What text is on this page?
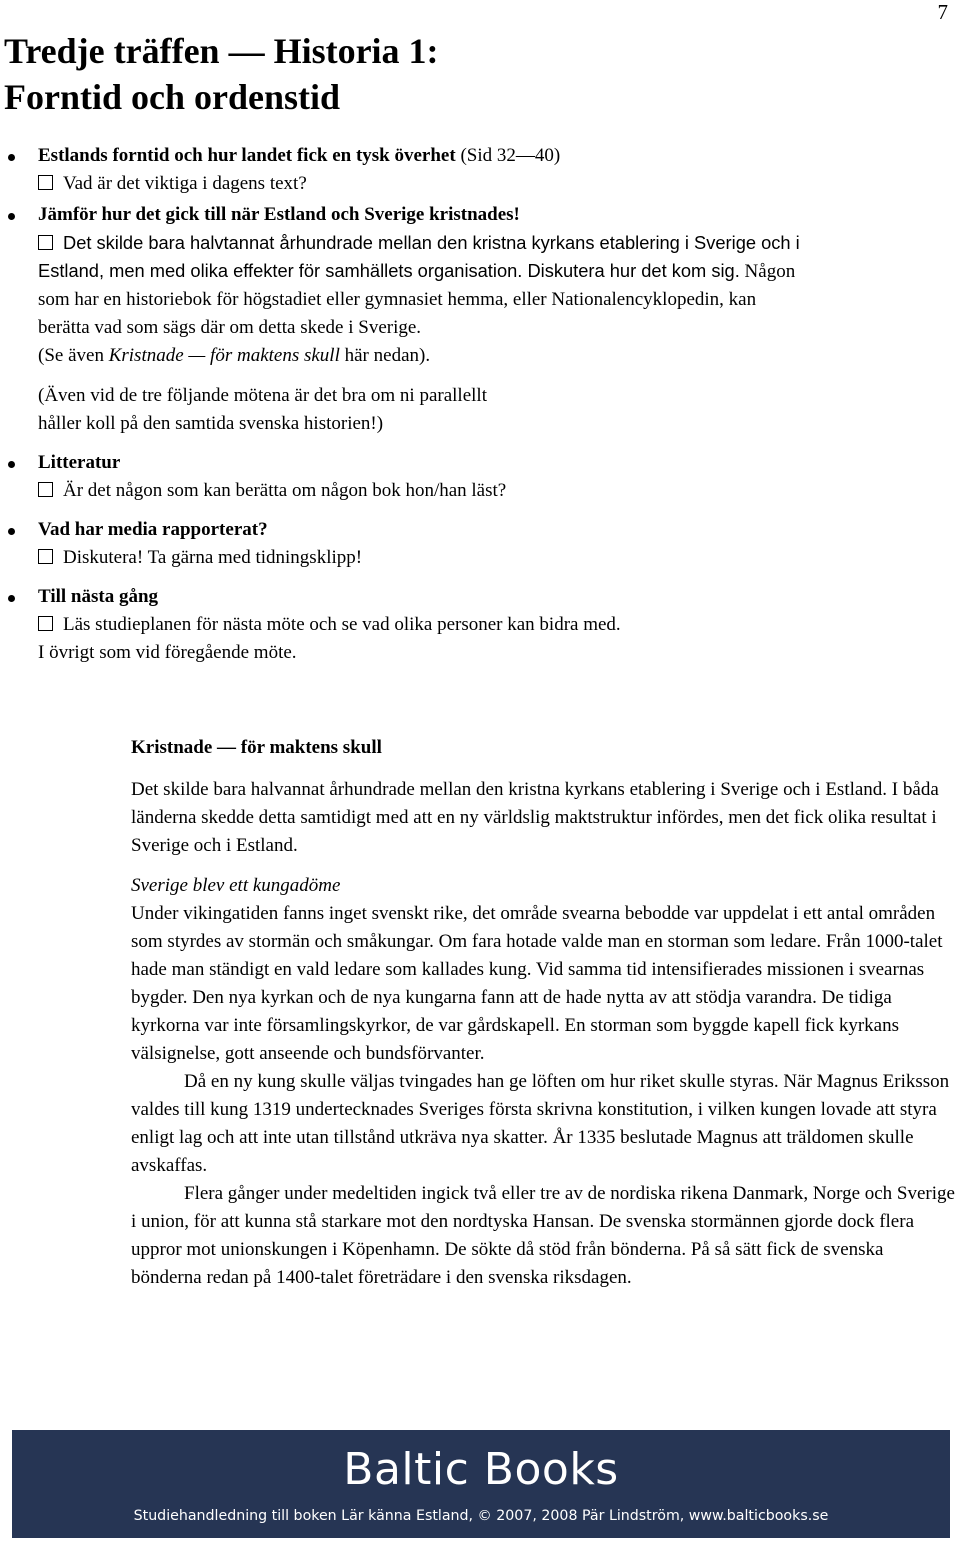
7
Tredje träffen — Historia 1:
Forntid och ordenstid
Estlands forntid och hur landet fick en tysk överhet (Sid 32—40)
Vad är det viktiga i dagens text?
Jämför hur det gick till när Estland och Sverige kristnades!
Det skilde bara halvtannat århundrade mellan den kristna kyrkans etablering i Sverige och i
Estland, men med olika effekter för samhällets organisation. Diskutera hur det kom sig. Någon
som har en historiebok för högstadiet eller gymnasiet hemma, eller Nationalencyklopedin, kan
berätta vad som sägs där om detta skede i Sverige.
(Se även Kristnade — för maktens skull här nedan).
(Även vid de tre följande mötena är det bra om ni parallellt
håller koll på den samtida svenska historien!)
Litteratur
Är det någon som kan berätta om någon bok hon/han läst?
Vad har media rapporterat?
Diskutera! Ta gärna med tidningsklipp!
Till nästa gång
Läs studieplanen för nästa möte och se vad olika personer kan bidra med.
I övrigt som vid föregående möte.
Kristnade — för maktens skull

Det skilde bara halvannat århundrade mellan den kristna kyrkans etablering i Sverige och i Estland. I båda länderna skedde detta samtidigt med att en ny världslig maktstruktur infördes, men det fick olika resultat i Sverige och i Estland.

Sverige blev ett kungadöme

Under vikingatiden fanns inget svenskt rike, det område svearna bebodde var uppdelat i ett antal områden som styrdes av stormän och småkungar. Om fara hotade valde man en storman som ledare. Från 1000-talet hade man ständigt en vald ledare som kallades kung. Vid samma tid intensifierades missionen i svearnas bygder. Den nya kyrkan och de nya kungarna fann att de hade nytta av att stödja varandra. De tidiga kyrkorna var inte församlingskyrkor, de var gårdskapell. En storman som byggde kapell fick kyrkans välsignelse, gott anseende och bundsförvanter.

Då en ny kung skulle väljas tvingades han ge löften om hur riket skulle styras. När Magnus Eriksson valdes till kung 1319 undertecknades Sveriges första skrivna konstitution, i vilken kungen lovade att styra enligt lag och att inte utan tillstånd utkräva nya skatter. År 1335 beslutade Magnus att träldomen skulle avskaffas.

Flera gånger under medeltiden ingick två eller tre av de nordiska rikena Danmark, Norge och Sverige i union, för att kunna stå starkare mot den nordtyska Hansan. De svenska stormännen gjorde dock flera uppror mot unionskungen i Köpenhamn. De sökte då stöd från bönderna. På så sätt fick de svenska bönderna redan på 1400-talet företrädare i den svenska riksdagen.

Baltic Books
Studiehandledning till boken Lär känna Estland, © 2007, 2008 Pär Lindström, www.balticbooks.se
